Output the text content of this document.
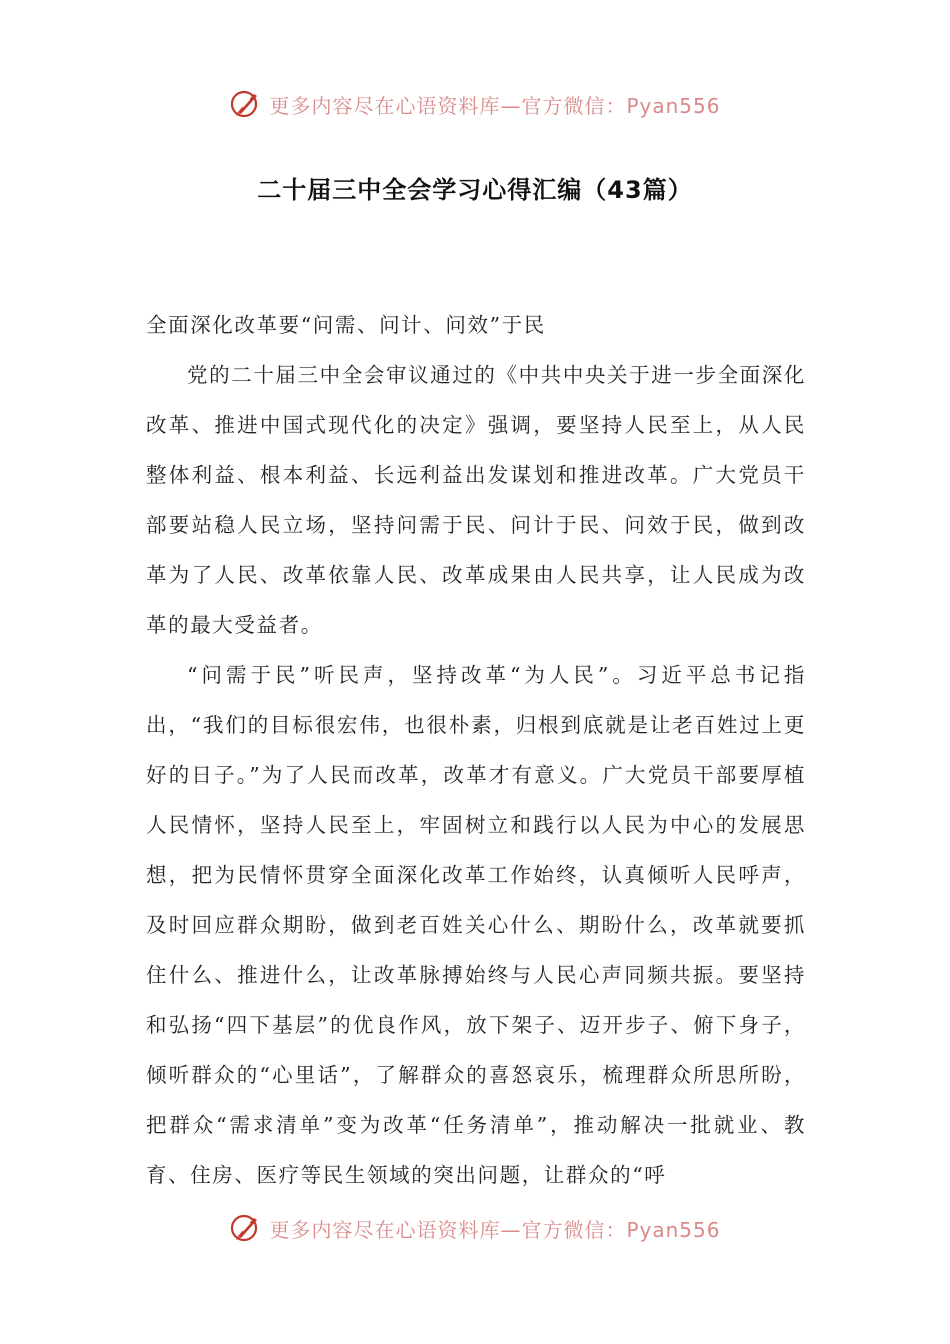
更多内容尽在心语资料库—官方微信：Pyan556
二十届三中全会学习心得汇编（43篇）

全面深化改革要“问需、问计、问效”于民

党的二十届三中全会审议通过的《中共中央关于进一步全面深化改革、推进中国式现代化的决定》强调，要坚持人民至上，从人民整体利益、根本利益、长远利益出发谋划和推进改革。广大党员干部要站稳人民立场，坚持问需于民、问计于民、问效于民，做到改革为了人民、改革依靠人民、改革成果由人民共享，让人民成为改革的最大受益者。

“问需于民”听民声，坚持改革“为人民”。习近平总书记指出，“我们的目标很宏伟，也很朴素，归根到底就是让老百姓过上更好的日子。”为了人民而改革，改革才有意义。广大党员干部要厚植人民情怀，坚持人民至上，牢固树立和践行以人民为中心的发展思想，把为民情怀贯穿全面深化改革工作始终，认真倾听人民呼声，及时回应群众期盼，做到老百姓关心什么、期盼什么，改革就要抓住什么、推进什么，让改革脉搏始终与人民心声同频共振。要坚持和弘扬“四下基层”的优良作风，放下架子、迈开步子、俯下身子，倾听群众的“心里话”，了解群众的喜怒哀乐，梳理群众所思所盼，把群众“需求清单”变为改革“任务清单”，推动解决一批就业、教育、住房、医疗等民生领域的突出问题，让群众的“呼

更多内容尽在心语资料库—官方微信：Pyan556
